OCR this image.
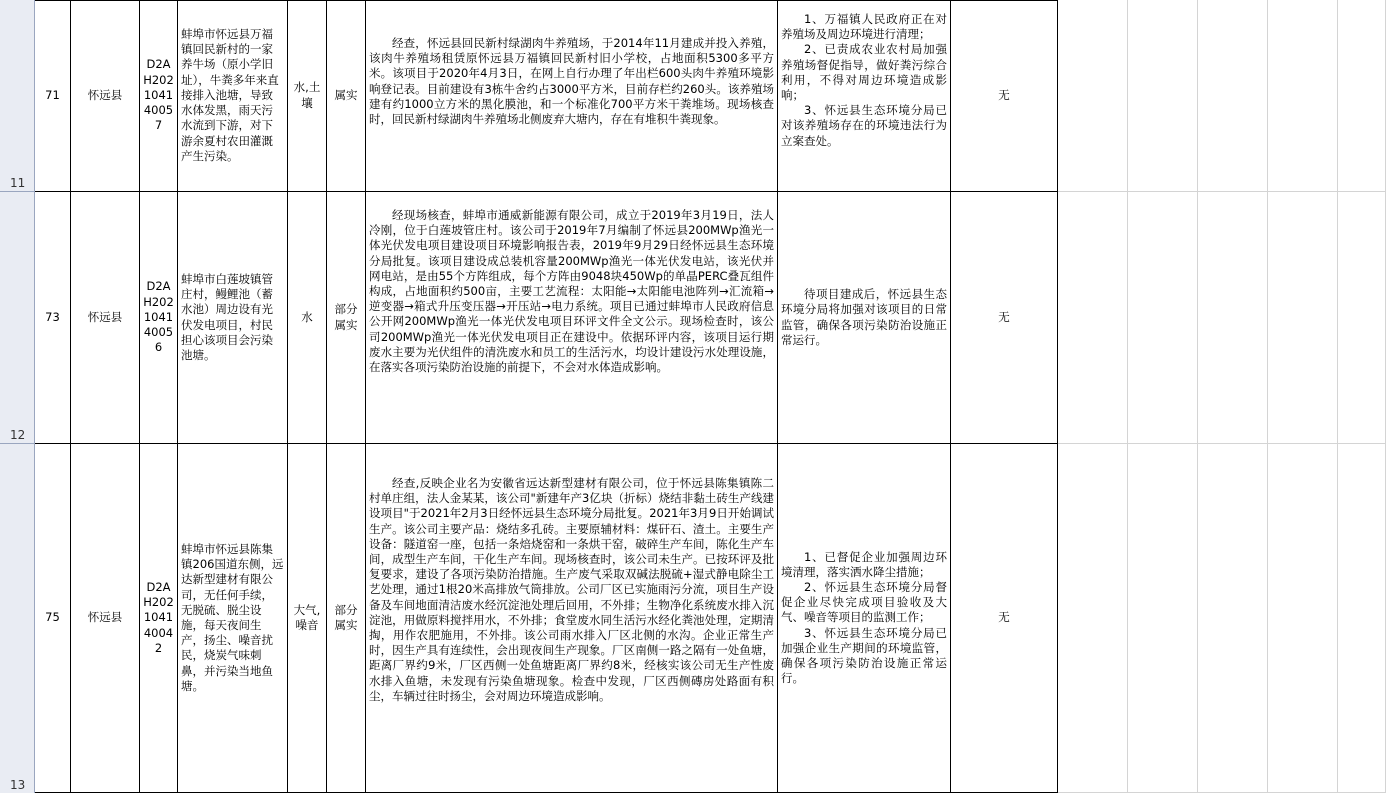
11
71 怀远县
D2A
H202
1041
4005
7
蚌埠市怀远县万福镇回民新村的一家养牛场（原小学旧址），牛粪多年来直接排入池塘，导致水体发黑，雨天污水流到下游，对下游余夏村农田灌溉产生污染。
水,土壤
属实
经查，怀远县回民新村绿湖肉牛养殖场，于2014年11月建成并投入养殖，该肉牛养殖场租赁原怀远县万福镇回民新村旧小学校，占地面积5300多平方米。该项目于2020年4月3日，在网上自行办理了年出栏600头肉牛养殖环境影响登记表。目前建设有3栋牛舍约占3000平方米，目前存栏约260头。该养殖场建有约1000立方米的黑化膜池，和一个标准化700平方米干粪堆场。现场核查时，回民新村绿湖肉牛养殖场北侧废弃大塘内，存在有堆积牛粪现象。
1、万福镇人民政府正在对养殖场及周边环境进行清理；
2、已责成农业农村局加强养殖场督促指导，做好粪污综合利用，不得对周边环境造成影响；
3、怀远县生态环境分局已对该养殖场存在的环境违法行为立案查处。
无
12
73 怀远县
D2A
H202
1041
4005
6
蚌埠市白莲坡镇管庄村，鳗鲤池（蓄水池）周边设有光伏发电项目，村民担心该项目会污染池塘。
水
部分属实
经现场核查，蚌埠市通威新能源有限公司，成立于2019年3月19日，法人冷刚，位于白莲坡管庄村。该公司于2019年7月编制了怀远县200MWp渔光一体光伏发电项目建设项目环境影响报告表，2019年9月29日经怀远县生态环境分局批复。该项目建设成总装机容量200MWp渔光一体光伏发电站，该光伏并网电站，是由55个方阵组成，每个方阵由9048块450Wp的单晶PERC叠瓦组件构成，占地面积约500亩，主要工艺流程：太阳能→太阳能电池阵列→汇流箱→逆变器→箱式升压变压器→开压站→电力系统。项目已通过蚌埠市人民政府信息公开网200MWp渔光一体光伏发电项目环评文件全文公示。现场检查时，该公司200MWp渔光一体光伏发电项目正在建设中。依据环评内容，该项目运行期废水主要为光伏组件的清洗废水和员工的生活污水，均设计建设污水处理设施，在落实各项污染防治设施的前提下，不会对水体造成影响。
待项目建成后，怀远县生态环境分局将加强对该项目的日常监管，确保各项污染防治设施正常运行。
无
13
75 怀远县
D2A
H202
1041
4004
2
蚌埠市怀远县陈集镇206国道东侧，远达新型建材有限公司，无任何手续，无脱硫、脱尘设施，每天夜间生产，扬尘、噪音扰民，烧炭气味刺鼻，并污染当地鱼塘。
大气,噪音
部分属实
经查,反映企业名为安徽省远达新型建材有限公司，位于怀远县陈集镇陈二村单庄组，法人金某某，该公司"新建年产3亿块（折标）烧结非黏土砖生产线建设项目"于2021年2月3日经怀远县生态环境分局批复。2021年3月9日开始调试生产。该公司主要产品：烧结多孔砖。主要原辅材料：煤矸石、渣土。主要生产设备：隧道窑一座，包括一条焙烧窑和一条烘干窑，破碎生产车间，陈化生产车间，成型生产车间，干化生产车间。现场核查时，该公司未生产。已按环评及批复要求，建设了各项污染防治措施。生产废气采取双碱法脱硫+湿式静电除尘工艺处理，通过1根20米高排放气筒排放。公司厂区已实施雨污分流，项目生产设备及车间地面清洁废水经沉淀池处理后回用，不外排；生物净化系统废水排入沉淀池，用做原料搅拌用水，不外排；食堂废水同生活污水经化粪池处理，定期清掏，用作农肥施用，不外排。该公司雨水排入厂区北侧的水沟。企业正常生产时，因生产具有连续性，会出现夜间生产现象。厂区南侧一路之隔有一处鱼塘，距离厂界约9米，厂区西侧一处鱼塘距离厂界约8米，经核实该公司无生产性废水排入鱼塘，未发现有污染鱼塘现象。检查中发现，厂区西侧磚房处路面有积尘，车辆过往时扬尘，会对周边环境造成影响。
1、已督促企业加强周边环境清理，落实洒水降尘措施；
2、怀远县生态环境分局督促企业尽快完成项目验收及大气、噪音等项目的监测工作；
3、怀远县生态环境分局已加强企业生产期间的环境监管，确保各项污染防治设施正常运行。
无
